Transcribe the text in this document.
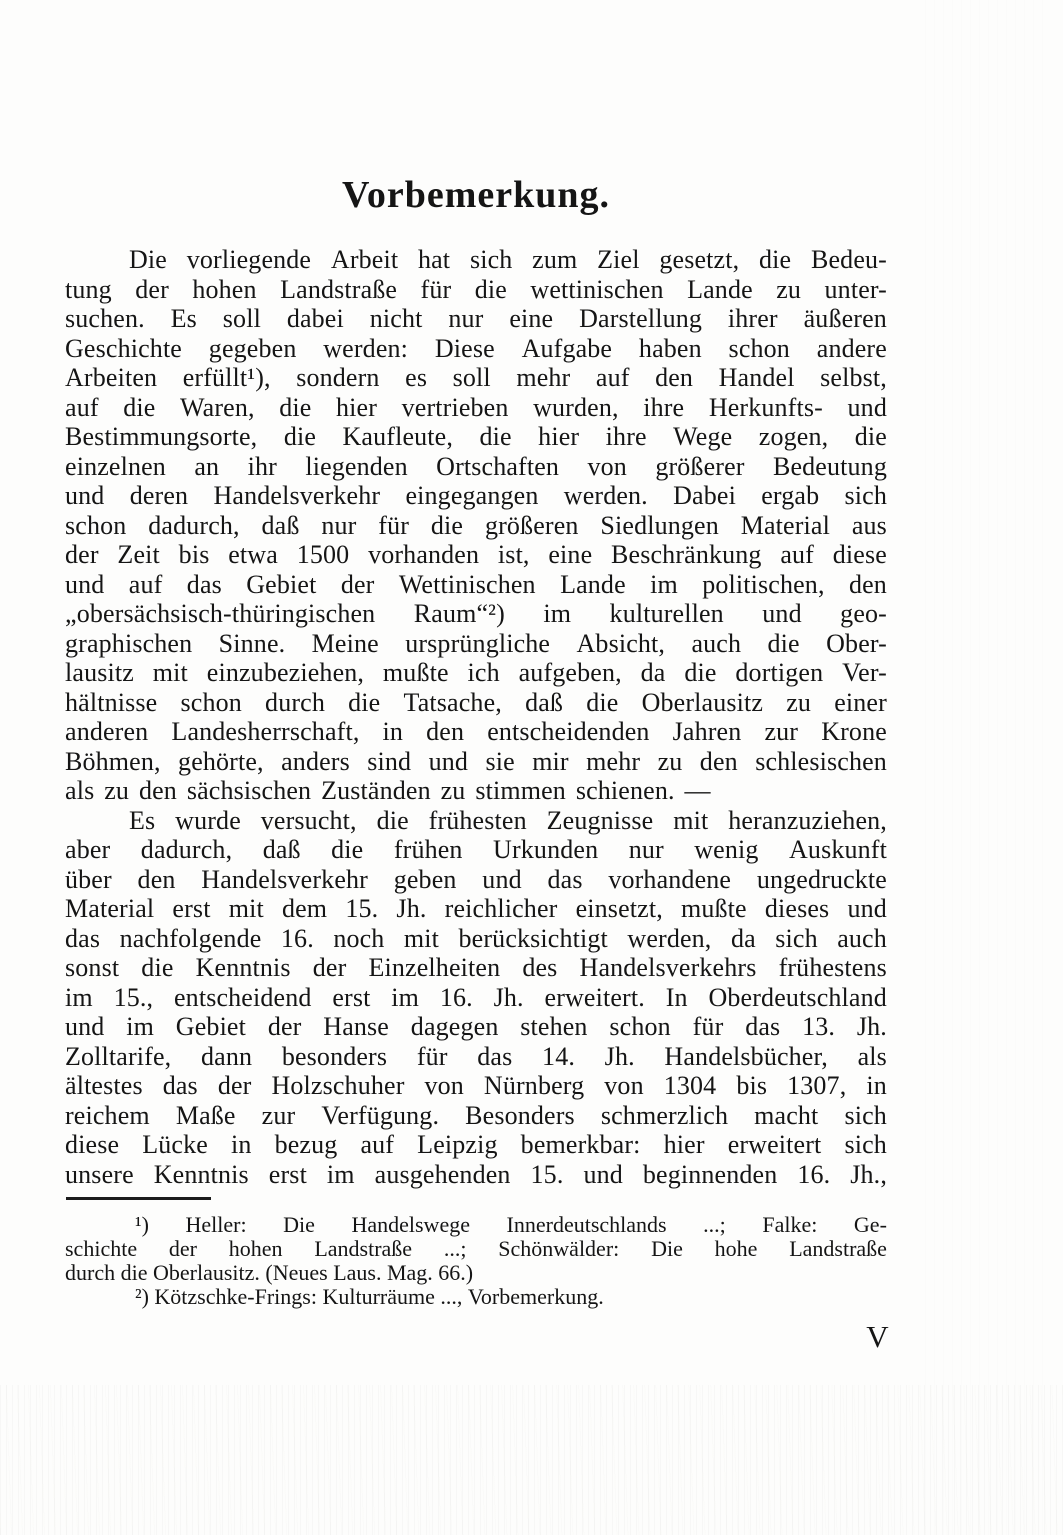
Vorbemerkung.
Die vorliegende Arbeit hat sich zum Ziel gesetzt, die Bedeu-
tung der hohen Landstraße für die wettinischen Lande zu unter-
suchen. Es soll dabei nicht nur eine Darstellung ihrer äußeren
Geschichte gegeben werden: Diese Aufgabe haben schon andere
Arbeiten erfüllt¹), sondern es soll mehr auf den Handel selbst,
auf die Waren, die hier vertrieben wurden, ihre Herkunfts- und
Bestimmungsorte, die Kaufleute, die hier ihre Wege zogen, die
einzelnen an ihr liegenden Ortschaften von größerer Bedeutung
und deren Handelsverkehr eingegangen werden. Dabei ergab sich
schon dadurch, daß nur für die größeren Siedlungen Material aus
der Zeit bis etwa 1500 vorhanden ist, eine Beschränkung auf diese
und auf das Gebiet der Wettinischen Lande im politischen, den
„obersächsisch-thüringischen Raum“²) im kulturellen und geo-
graphischen Sinne. Meine ursprüngliche Absicht, auch die Ober-
lausitz mit einzubeziehen, mußte ich aufgeben, da die dortigen Ver-
hältnisse schon durch die Tatsache, daß die Oberlausitz zu einer
anderen Landesherrschaft, in den entscheidenden Jahren zur Krone
Böhmen, gehörte, anders sind und sie mir mehr zu den schlesischen
als zu den sächsischen Zuständen zu stimmen schienen. —
Es wurde versucht, die frühesten Zeugnisse mit heranzuziehen,
aber dadurch, daß die frühen Urkunden nur wenig Auskunft
über den Handelsverkehr geben und das vorhandene ungedruckte
Material erst mit dem 15. Jh. reichlicher einsetzt, mußte dieses und
das nachfolgende 16. noch mit berücksichtigt werden, da sich auch
sonst die Kenntnis der Einzelheiten des Handelsverkehrs frühestens
im 15., entscheidend erst im 16. Jh. erweitert. In Oberdeutschland
und im Gebiet der Hanse dagegen stehen schon für das 13. Jh.
Zolltarife, dann besonders für das 14. Jh. Handelsbücher, als
ältestes das der Holzschuher von Nürnberg von 1304 bis 1307, in
reichem Maße zur Verfügung. Besonders schmerzlich macht sich
diese Lücke in bezug auf Leipzig bemerkbar: hier erweitert sich
unsere Kenntnis erst im ausgehenden 15. und beginnenden 16. Jh.,
¹) Heller: Die Handelswege Innerdeutschlands ...; Falke: Ge-
schichte der hohen Landstraße ...; Schönwälder: Die hohe Landstraße
durch die Oberlausitz. (Neues Laus. Mag. 66.)
²) Kötzschke-Frings: Kulturräume ..., Vorbemerkung.
V
